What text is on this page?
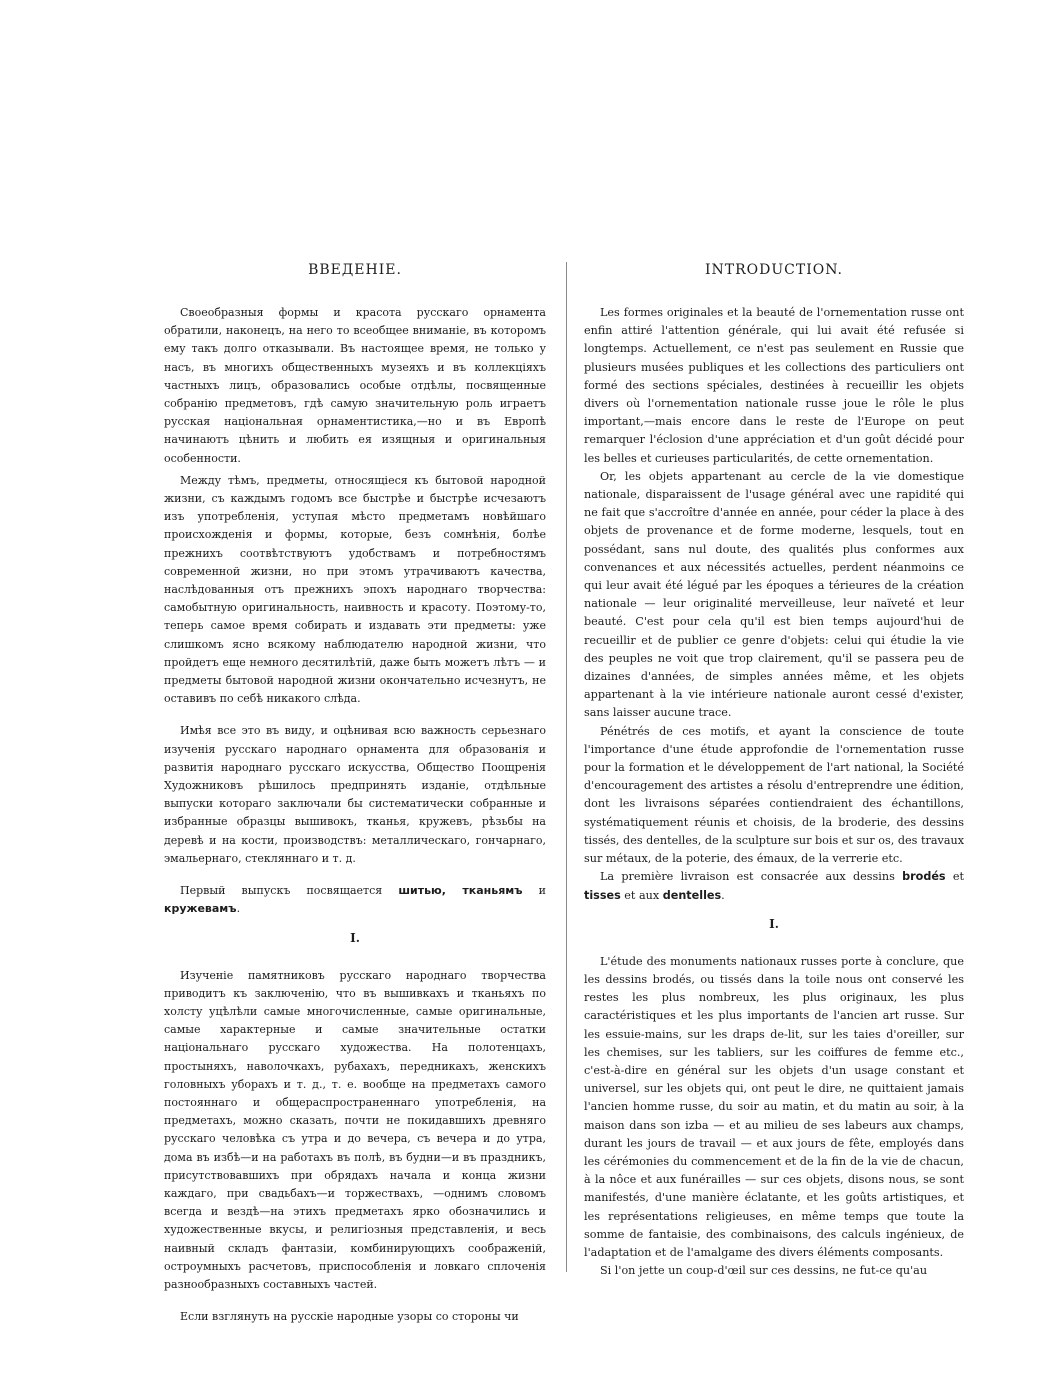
ВВЕДЕНІЕ.

Своеобразныя формы и красота русскаго орнамента обратили, наконецъ, на него то всеобщее вниманіе, въ которомъ ему такъ долго отказывали. Въ настоящее время, не только у насъ, въ многихъ общественныхъ музеяхъ и въ коллекціяхъ частныхъ лицъ, образовались особые отдѣлы, посвященные собранію предметовъ, гдѣ самую значительную роль играетъ русская національная орнаментистика,—но и въ Европѣ начинаютъ цѣнить и любить ея изящныя и оригинальныя особенности.

Между тѣмъ, предметы, относящіеся къ бытовой народной жизни, съ каждымъ годомъ все быстрѣе и быстрѣе исчезаютъ изъ употребленія, уступая мѣсто предметамъ новѣйшаго происхожденія и формы, которые, безъ сомнѣнія, болѣе прежнихъ соотвѣтствуютъ удобствамъ и потребностямъ современной жизни, но при этомъ утрачиваютъ качества, наслѣдованныя отъ прежнихъ эпохъ народнаго творчества: самобытную оригинальность, наивность и красоту. Поэтому-то, теперь самое время собирать и издавать эти предметы: уже слишкомъ ясно всякому наблюдателю народной жизни, что пройдетъ еще немного десятилѣтій, даже быть можетъ лѣтъ — и предметы бытовой народной жизни окончательно исчезнутъ, не оставивъ по себѣ никакого слѣда.

Имѣя все это въ виду, и оцѣнивая всю важность серьезнаго изученія русскаго народнаго орнамента для образованія и развитія народнаго русскаго искусства, Общество Поощренія Художниковъ рѣшилось предпринять изданіе, отдѣльные выпуски котораго заключали бы систематически собранные и избранные образцы вышивокъ, тканья, кружевъ, рѣзьбы на деревѣ и на кости, производствъ: металлическаго, гончарнаго, эмальернаго, стекляннаго и т. д.

Первый выпускъ посвящается шитью, тканьямъ и кружевамъ.

I.

Изученіе памятниковъ русскаго народнаго творчества приводитъ къ заключенію, что въ вышивкахъ и тканьяхъ по холсту уцѣлѣли самые многочисленные, самые оригинальные, самые характерные и самые значительные остатки національнаго русскаго художества. На полотенцахъ, простыняхъ, наволочкахъ, рубахахъ, передникахъ, женскихъ головныхъ уборахъ и т. д., т. е. вообще на предметахъ самого постояннаго и общераспространеннаго употребленія, на предметахъ, можно сказать, почти не покидавшихъ древняго русскаго человѣка съ утра и до вечера, съ вечера и до утра, дома въ избѣ—и на работахъ въ полѣ, въ будни—и въ праздникъ, присутствовавшихъ при обрядахъ начала и конца жизни каждаго, при свадьбахъ—и торжествахъ, —однимъ словомъ всегда и вездѣ—на этихъ предметахъ ярко обозначились и художественные вкусы, и религіозныя представленія, и весь наивный складъ фантазіи, комбинирующихъ соображеній, остроумныхъ расчетовъ, приспособленія и ловкаго сплоченія разнообразныхъ составныхъ частей.

Если взглянуть на русскіе народные узоры со стороны чи

INTRODUCTION.

Les formes originales et la beauté de l'ornementation russe ont enfin attiré l'attention générale, qui lui avait été refusée si longtemps. Actuellement, ce n'est pas seulement en Russie que plusieurs musées publiques et les collections des particuliers ont formé des sections spéciales, destinées à recueillir les objets divers où l'ornementation nationale russe joue le rôle le plus important,—mais encore dans le reste de l'Europe on peut remarquer l'éclosion d'une appréciation et d'un goût décidé pour les belles et curieuses particularités, de cette ornementation.

Or, les objets appartenant au cercle de la vie domestique nationale, disparaissent de l'usage général avec une rapidité qui ne fait que s'accroître d'année en année, pour céder la place à des objets de provenance et de forme moderne, lesquels, tout en possédant, sans nul doute, des qualités plus conformes aux convenances et aux nécessités actuelles, perdent néanmoins ce qui leur avait été légué par les époques a térieures de la création nationale — leur originalité merveilleuse, leur naïveté et leur beauté. C'est pour cela qu'il est bien temps aujourd'hui de recueillir et de publier ce genre d'objets: celui qui étudie la vie des peuples ne voit que trop clairement, qu'il se passera peu de dizaines d'années, de simples années même, et les objets appartenant à la vie intérieure nationale auront cessé d'exister, sans laisser aucune trace.

Pénétrés de ces motifs, et ayant la conscience de toute l'importance d'une étude approfondie de l'ornementation russe pour la formation et le développement de l'art national, la Société d'encouragement des artistes a résolu d'entreprendre une édition, dont les livraisons séparées contiendraient des échantillons, systématiquement réunis et choisis, de la broderie, des dessins tissés, des dentelles, de la sculpture sur bois et sur os, des travaux sur métaux, de la poterie, des émaux, de la verrerie etc.

La première livraison est consacrée aux dessins brodés et tisses et aux dentelles.

I.

L'étude des monuments nationaux russes porte à conclure, que les dessins brodés, ou tissés dans la toile nous ont conservé les restes les plus nombreux, les plus originaux, les plus caractéristiques et les plus importants de l'ancien art russe. Sur les essuie-mains, sur les draps de-lit, sur les taies d'oreiller, sur les chemises, sur les tabliers, sur les coiffures de femme etc., c'est-à-dire en général sur les objets d'un usage constant et universel, sur les objets qui, ont peut le dire, ne quittaient jamais l'ancien homme russe, du soir au matin, et du matin au soir, à la maison dans son izba — et au milieu de ses labeurs aux champs, durant les jours de travail — et aux jours de fête, employés dans les cérémonies du commencement et de la fin de la vie de chacun, à la nôce et aux funérailles — sur ces objets, disons nous, se sont manifestés, d'une manière éclatante, et les goûts artistiques, et les représentations religieuses, en même temps que toute la somme de fantaisie, des combinaisons, des calculs ingénieux, de l'adaptation et de l'amalgame des divers éléments composants.

Si l'on jette un coup-d'œil sur ces dessins, ne fut-ce qu'au
